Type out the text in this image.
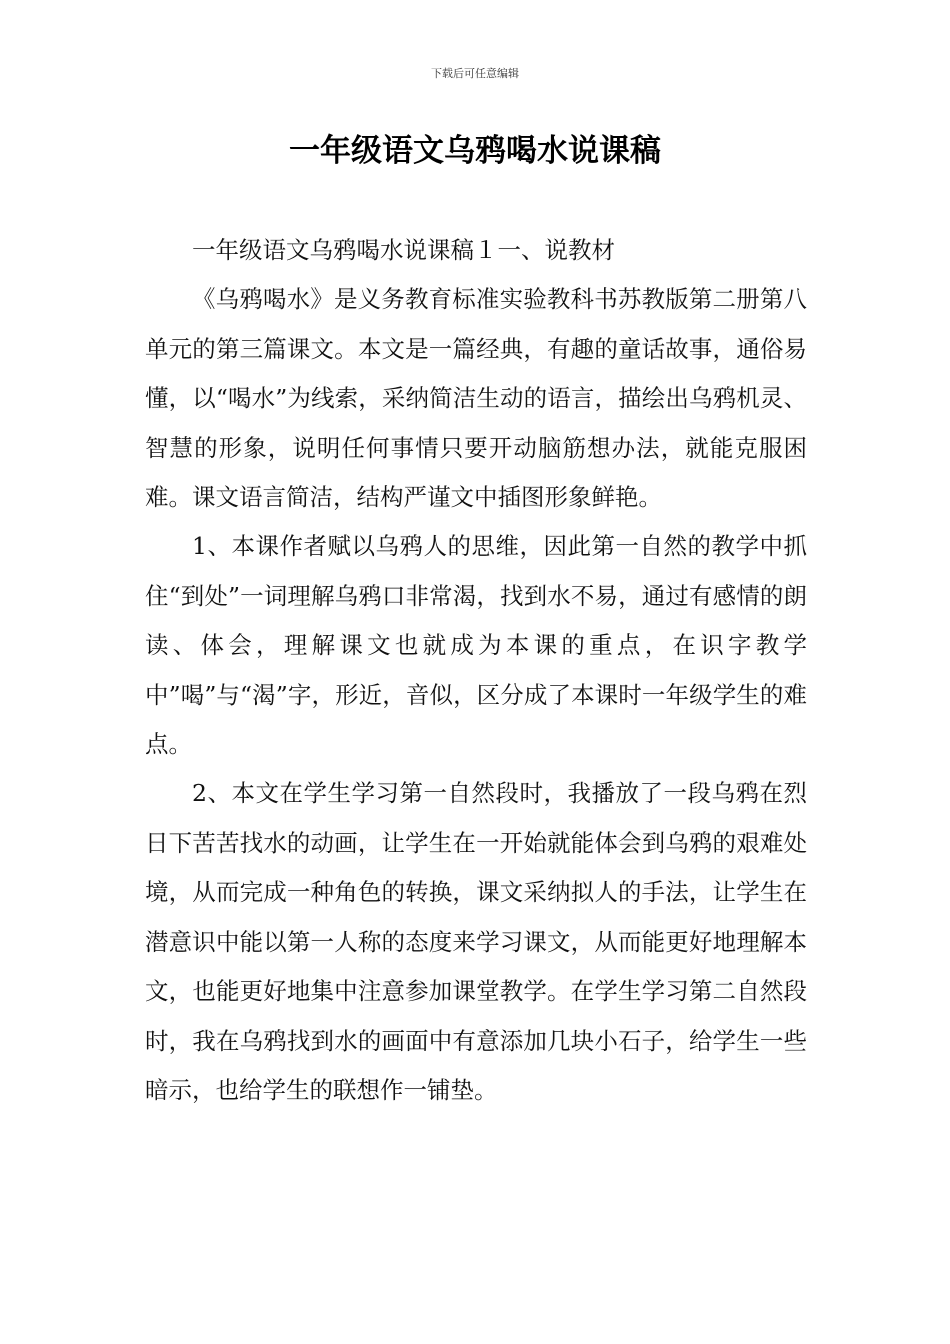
下载后可任意编辑
一年级语文乌鸦喝水说课稿

一年级语文乌鸦喝水说课稿１一、说教材

《乌鸦喝水》是义务教育标准实验教科书苏教版第二册第八单元的第三篇课文。本文是一篇经典，有趣的童话故事，通俗易懂，以“喝水”为线索，采纳简洁生动的语言，描绘出乌鸦机灵、智慧的形象，说明任何事情只要开动脑筋想办法，就能克服困难。课文语言简洁，结构严谨文中插图形象鲜艳。

1、本课作者赋以乌鸦人的思维，因此第一自然的教学中抓住“到处”一词理解乌鸦口非常渴，找到水不易，通过有感情的朗读、体会，理解课文也就成为本课的重点，在识字教学中”喝”与“渴”字，形近，音似，区分成了本课时一年级学生的难点。

2、本文在学生学习第一自然段时，我播放了一段乌鸦在烈日下苦苦找水的动画，让学生在一开始就能体会到乌鸦的艰难处境，从而完成一种角色的转换，课文采纳拟人的手法，让学生在潜意识中能以第一人称的态度来学习课文，从而能更好地理解本文，也能更好地集中注意参加课堂教学。在学生学习第二自然段时，我在乌鸦找到水的画面中有意添加几块小石子，给学生一些暗示，也给学生的联想作一铺垫。
